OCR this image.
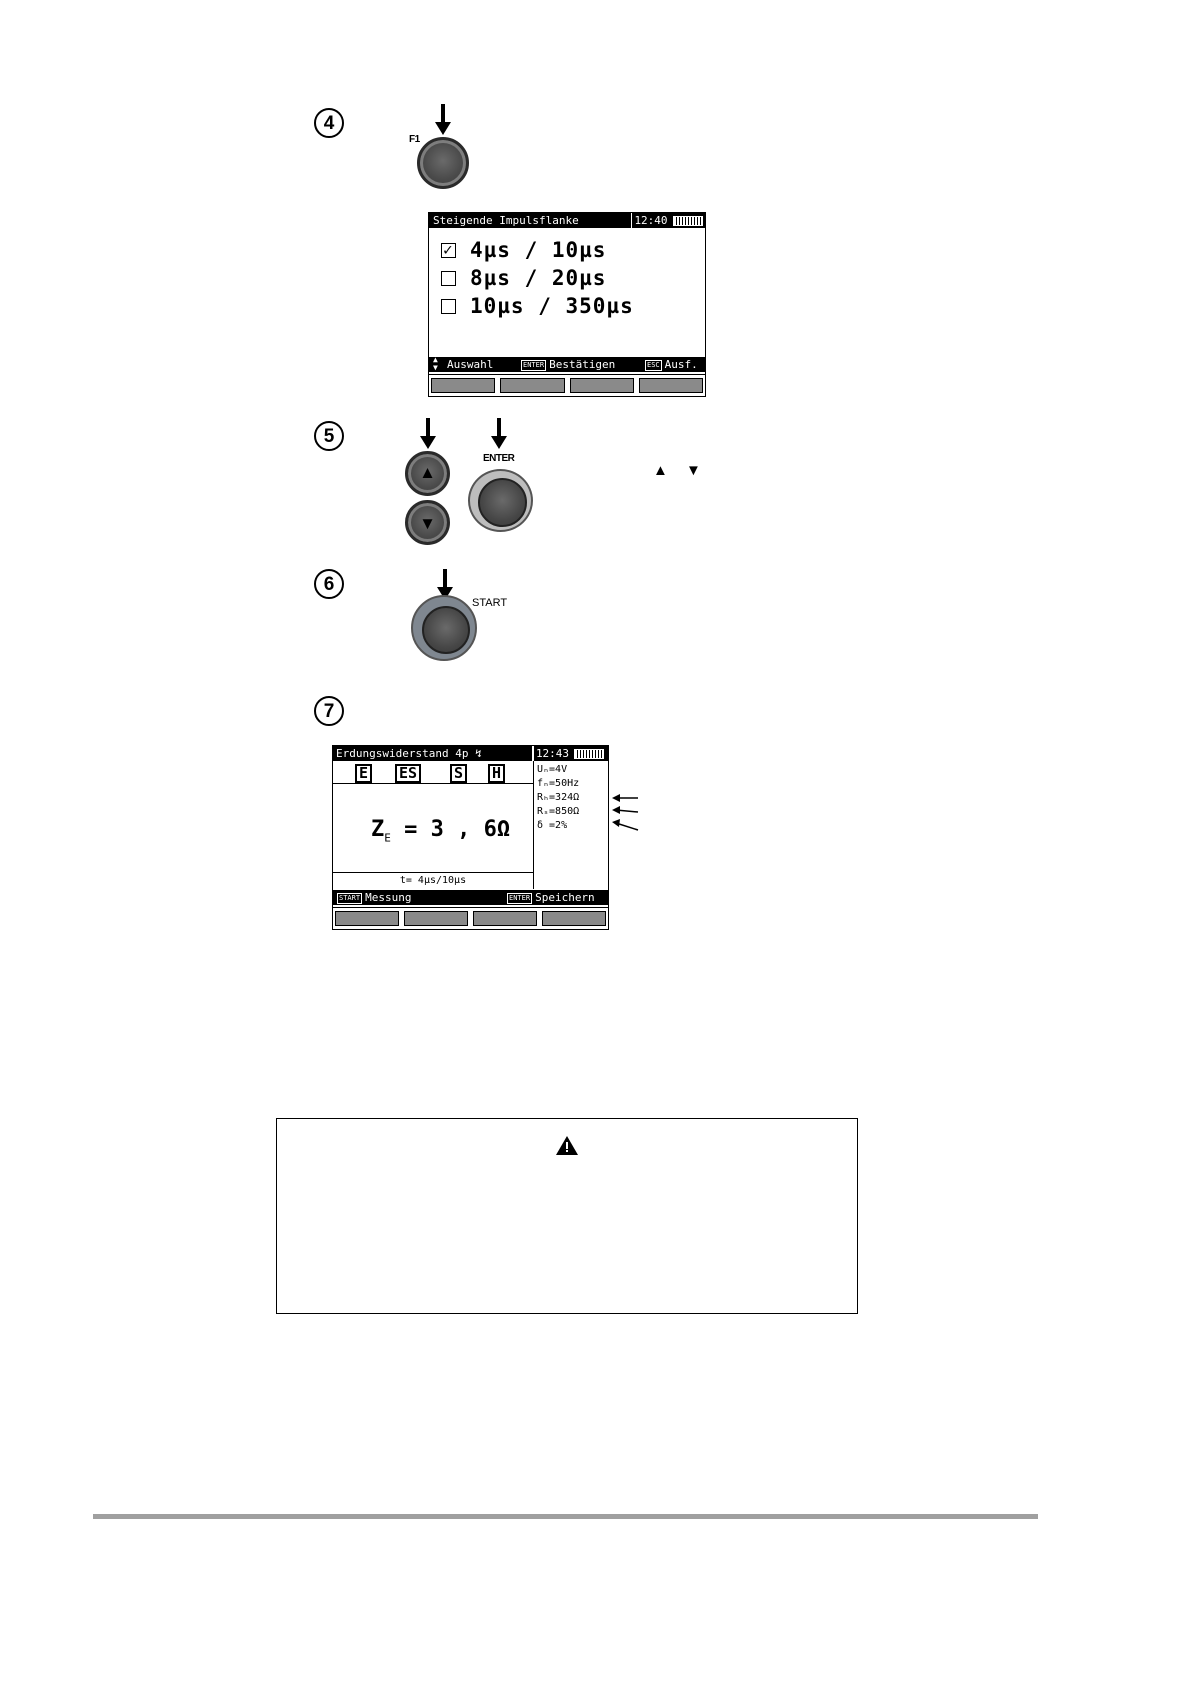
4
F1
Steigende Impulsflanke	12:40
✓
4µs / 10µs
8µs / 20µs
10µs / 350µs
▲
▼ Auswahl	ENTER Bestätigen	ESC Ausf.
5
▲
▼
ENTER
▲ ▼
6
START
7
Erdungswiderstand 4p ↯	12:43
E ES S H
$Z_E = 3$ , 6Ω
t= 4µs/10µs
Uₙ=4V
fₙ=50Hz
Rₕ=324Ω
Rₛ=850Ω
δ =2%
START Messung	ENTER Speichern
